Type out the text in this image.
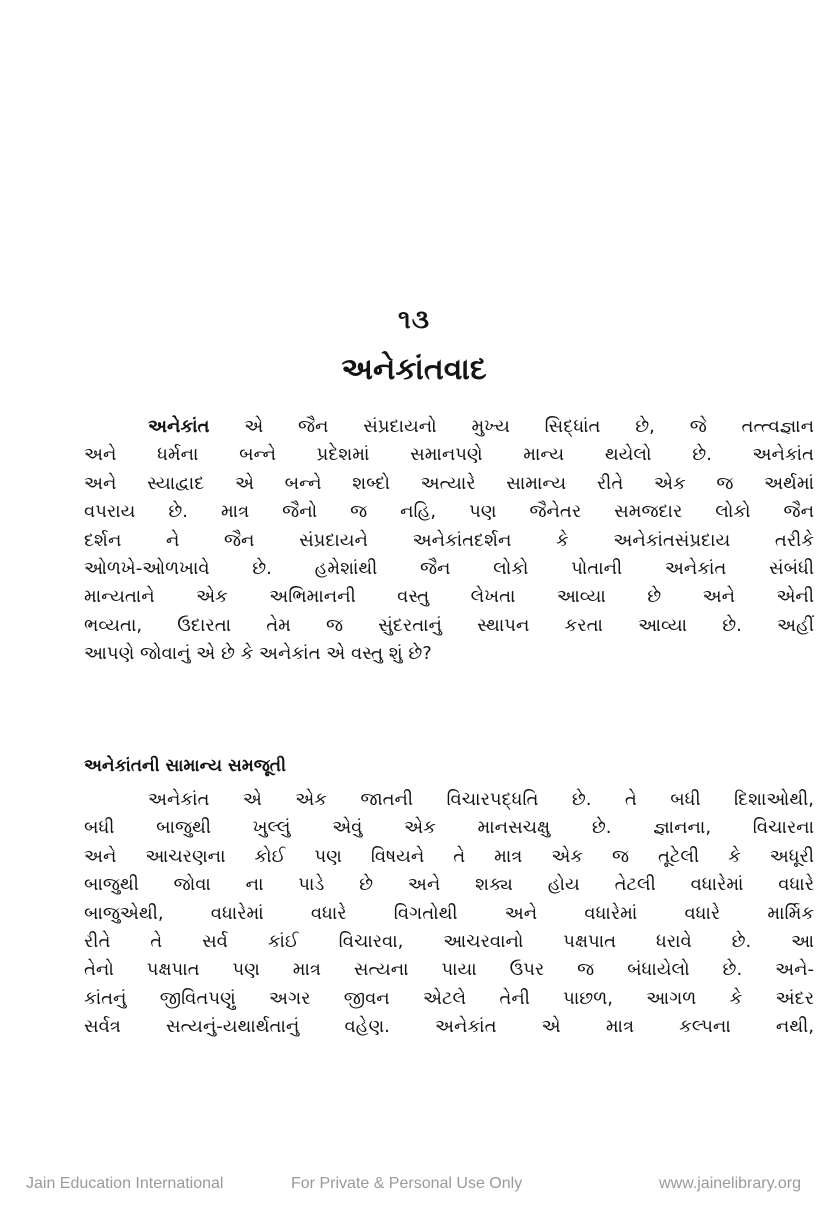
૧૩
અનેકાંતવાદ
અનેકાંત એ જૈન સંપ્રદાયનો મુખ્ય સિદ્ધાંત છે, જે તત્ત્વજ્ઞાન
અને ધર્મના બન્ને પ્રદેશમાં સમાનપણે માન્ય થયેલો છે. અનેકાંત
અને સ્યાદ્વાદ એ બન્ને શબ્દો અત્યારે સામાન્ય રીતે એક જ અર્થમાં
વપરાય છે. માત્ર જૈનો જ નહિ, પણ જૈનેતર સમજદાર લોકો જૈન
દર્શન ને જૈન સંપ્રદાયને અનેકાંતદર્શન કે અનેકાંતસંપ્રદાય તરીકે
ઓળખે-ઓળખાવે છે. હમેશાંથી જૈન લોકો પોતાની અનેકાંત સંબંધી
માન્યતાને એક અભિમાનની વસ્તુ લેખતા આવ્યા છે અને એની
ભવ્યતા, ઉદારતા તેમ જ સુંદરતાનું સ્થાપન કરતા આવ્યા છે. અહીં
આપણે જોવાનું એ છે કે અનેકાંત એ વસ્તુ શું છે?
અનેકાંતની સામાન્ય સમજૂતી
અનેકાંત એ એક જાતની વિચારપદ્ધતિ છે. તે બધી દિશાઓથી,
બધી બાજુથી ખુલ્લું એવું એક માનસચક્ષુ છે. જ્ઞાનના, વિચારના
અને આચરણના કોઈ પણ વિષયને તે માત્ર એક જ તૂટેલી કે અધૂરી
બાજુથી જોવા ના પાડે છે અને શક્ય હોય તેટલી વધારેમાં વધારે
બાજુએથી, વધારેમાં વધારે વિગતોથી અને વધારેમાં વધારે માર્મિક
રીતે તે સર્વ કાંઈ વિચારવા, આચરવાનો પક્ષપાત ધરાવે છે. આ
તેનો પક્ષપાત પણ માત્ર સત્યના પાયા ઉપર જ બંધાયેલો છે. અને-
કાંતનું જીવિતપણું અગર જીવન એટલે તેની પાછળ, આગળ કે અંદર
સર્વત્ર સત્યનું-યથાર્થતાનું વહેણ. અનેકાંત એ માત્ર કલ્પના નથી,
Jain Education International	For Private & Personal Use Only	www.jainelibrary.org
